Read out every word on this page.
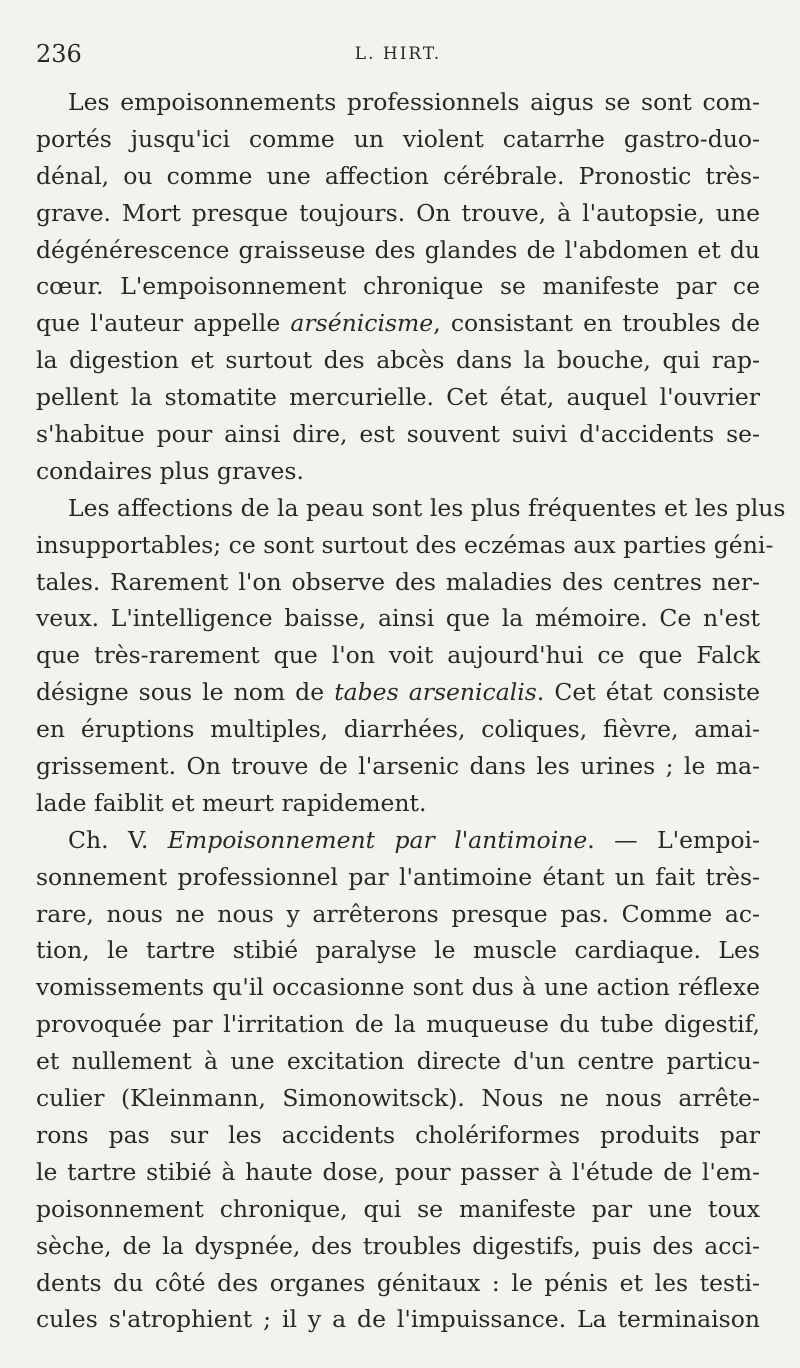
236	L. HIRT.
Les empoisonnements professionnels aigus se sont com-
portés jusqu'ici comme un violent catarrhe gastro-duo-
dénal, ou comme une affection cérébrale. Pronostic très-
grave. Mort presque toujours. On trouve, à l'autopsie, une
dégénérescence graisseuse des glandes de l'abdomen et du
cœur. L'empoisonnement chronique se manifeste par ce
que l'auteur appelle arsénicisme, consistant en troubles de
la digestion et surtout des abcès dans la bouche, qui rap-
pellent la stomatite mercurielle. Cet état, auquel l'ouvrier
s'habitue pour ainsi dire, est souvent suivi d'accidents se-
condaires plus graves.
Les affections de la peau sont les plus fréquentes et les plus
insupportables; ce sont surtout des eczémas aux parties géni-
tales. Rarement l'on observe des maladies des centres ner-
veux. L'intelligence baisse, ainsi que la mémoire. Ce n'est
que très-rarement que l'on voit aujourd'hui ce que Falck
désigne sous le nom de tabes arsenicalis. Cet état consiste
en éruptions multiples, diarrhées, coliques, fièvre, amai-
grissement. On trouve de l'arsenic dans les urines ; le ma-
lade faiblit et meurt rapidement.
Ch. V. Empoisonnement par l'antimoine. — L'empoi-
sonnement professionnel par l'antimoine étant un fait très-
rare, nous ne nous y arrêterons presque pas. Comme ac-
tion, le tartre stibié paralyse le muscle cardiaque. Les
vomissements qu'il occasionne sont dus à une action réflexe
provoquée par l'irritation de la muqueuse du tube digestif,
et nullement à une excitation directe d'un centre particu-
culier (Kleinmann, Simonowitsck). Nous ne nous arrête-
rons pas sur les accidents cholériformes produits par
le tartre stibié à haute dose, pour passer à l'étude de l'em-
poisonnement chronique, qui se manifeste par une toux
sèche, de la dyspnée, des troubles digestifs, puis des acci-
dents du côté des organes génitaux : le pénis et les testi-
cules s'atrophient ; il y a de l'impuissance. La terminaison
